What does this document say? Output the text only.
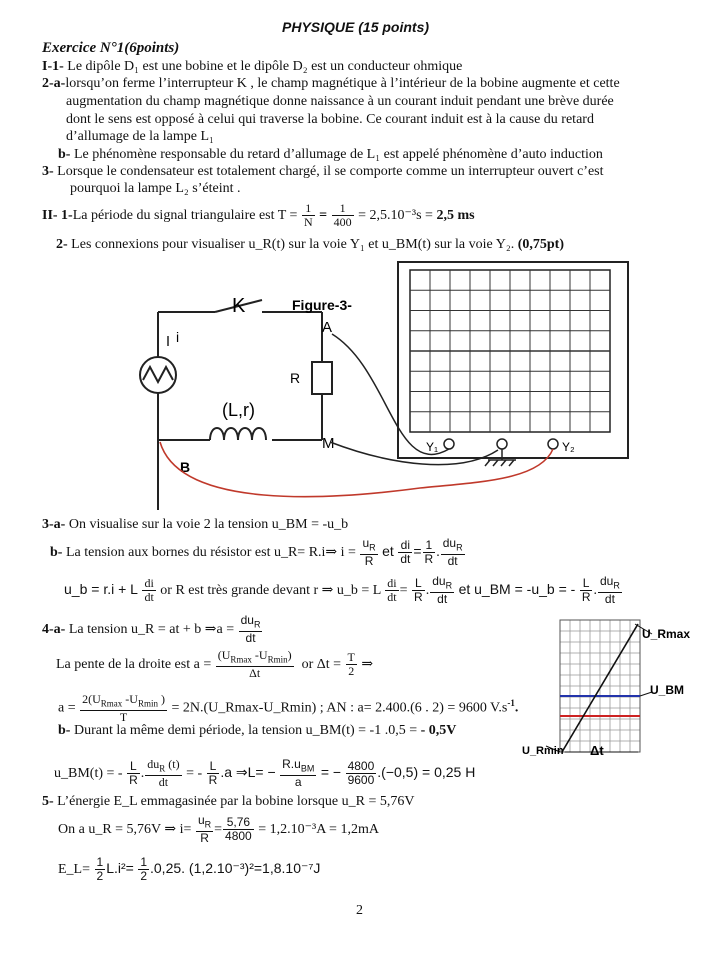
PHYSIQUE (15 points)
Exercice N°1(6points)
I-1- Le dipôle D₁ est une bobine et le dipôle D₂ est un conducteur ohmique
2-a-lorsqu’on ferme l’interrupteur K , le champ magnétique à l’intérieur de la bobine augmente et cette
augmentation du champ magnétique donne naissance à un courant induit pendant une brève durée
dont le sens est opposé à celui qui traverse la bobine. Ce courant induit est à la cause du retard
d’allumage de la lampe L₁
b- Le phénomène responsable du retard d’allumage de L₁ est appelé phénomène d’auto induction
3- Lorsque le condensateur est totalement chargé, il se comporte comme un interrupteur ouvert c’est
pourquoi la lampe L₂ s’éteint .
II- 1-La période du signal triangulaire est $T = \frac{1}{N} = \frac{1}{400} = 2,5.10^{-3}s = 2,5$ ms
2- Les connexions pour visualiser u_R(t) sur la voie Y₁ et u_BM(t) sur la voie Y₂. (0,75pt)
K
i
R
A
M
(L,r)
B
Figure-3-
Y₁	Y₂
3-a- On visualise sur la voie 2 la tension u_BM = -u_b
b- La tension aux bornes du résistor est u_R= R.i⇒ $i = \frac{u_R}{R}$ et $\frac{di}{dt} = \frac{1}{R}$ . $\frac{du_R}{dt}$
u_b = r.i + L $\frac{di}{dt}$ or R est très grande devant r ⇒ u_b = L $\frac{di}{dt} = \frac{L}{R}$ . $\frac{du_R}{dt}$ et u_BM = -u_b = - $\frac{L}{R}$ . $\frac{du_R}{dt}$
4-a- La tension u_R = at + b ⇒a = $\frac{du_R}{dt}$
La pente de la droite est $a = \frac{(U_{Rmax} -U_{Rmin})}{\Delta t}$ or $\Delta t = \frac{T}{2}$ ⇒
$a = \frac{2(U_{Rmax} -U_{Rmin} )}{T}$ = 2N.(U_Rmax-U_Rmin) ; AN : a= 2.400.(6 . 2) = 9600 $V.s^{-1}$.
b- Durant la même demi période, la tension u_BM(t) = -1 .0,5 = - 0,5V
u_BM(t) = - $\frac{L}{R}$ . $\frac{du_R (t)}{dt}$ = - $\frac{L}{R} .a$ ⇒L= − $\frac{R.u_{BM}}{a}$ = − $\frac{4800}{9600} .(-0,5) = 0,25$ H
5- L’énergie E_L emmagasinée par la bobine lorsque u_R = 5,76V
On a u_R = 5,76V ⇒ $i= \frac{u_R}{R} = \frac{5,76}{4800} = 1,2.10^{-3}A = 1,2mA$
E_L= $\frac{1}{2} L.i^2= \frac{1}{2} .0,25$. (1,2.10⁻³)²=1,8.10⁻⁷J
U_Rmax
U_BM
U_Rmin Δt
2
